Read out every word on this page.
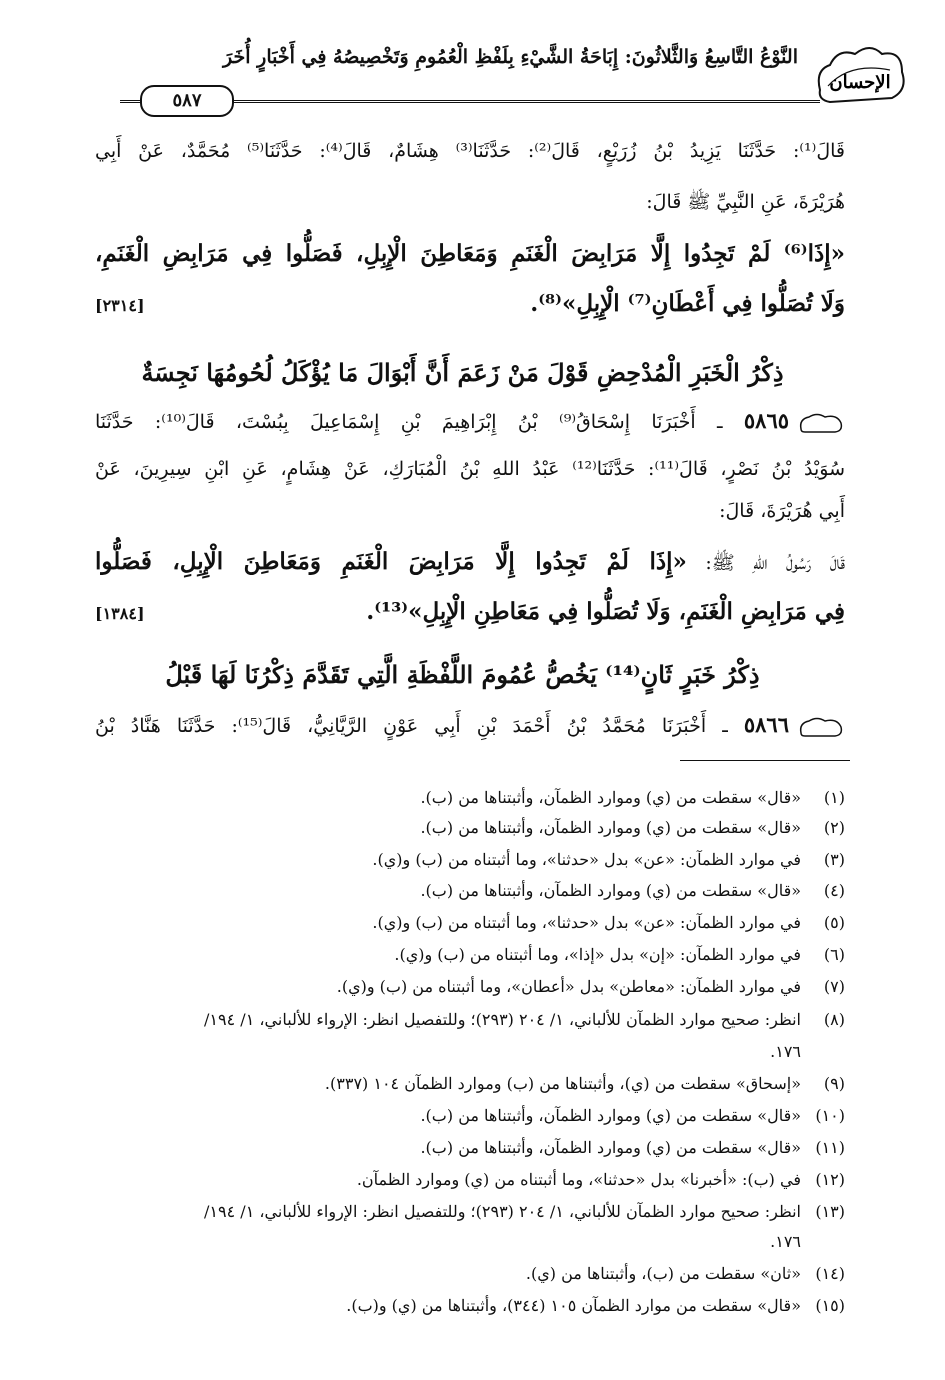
الإحسان
النَّوْعُ التَّاسِعُ وَالثَّلاثُونَ: إِبَاحَةُ الشَّيْءِ بِلَفْظِ الْعُمُومِ وَتَخْصِيصُهُ فِي أَخْبَارٍ أُخَرَ
٥٨٧
قَالَ⁽¹⁾: حَدَّثَنَا يَزِيدُ بْنُ زُرَيْعٍ، قَالَ⁽²⁾: حَدَّثَنَا⁽³⁾ هِشَامٌ، قَالَ⁽⁴⁾: حَدَّثَنَا⁽⁵⁾ مُحَمَّدٌ، عَنْ أَبِي
هُرَيْرَةَ، عَنِ النَّبِيِّ ﷺ قَالَ:
«إِذَا⁽⁶⁾ لَمْ تَجِدُوا إِلَّا مَرَابِضَ الْغَنَمِ وَمَعَاطِنَ الْإِبِلِ، فَصَلُّوا فِي مَرَابِضِ الْغَنَمِ،
وَلَا تُصَلُّوا فِي أَعْطَانِ⁽⁷⁾ الْإِبِلِ»⁽⁸⁾.
[٢٣١٤]
ذِكْرُ الْخَبَرِ الْمُدْحِضِ قَوْلَ مَنْ زَعَمَ أَنَّ أَبْوَالَ مَا يُؤْكَلُ لُحُومُهَا نَجِسَةٌ
٥٨٦٥ ـ أَخْبَرَنَا إِسْحَاقُ⁽⁹⁾ بْنُ إِبْرَاهِيمَ بْنِ إِسْمَاعِيلَ بِبُسْتَ، قَالَ⁽¹⁰⁾: حَدَّثَنَا
سُوَيْدُ بْنُ نَصْرٍ، قَالَ⁽¹¹⁾: حَدَّثَنَا⁽¹²⁾ عَبْدُ اللهِ بْنُ الْمُبَارَكِ، عَنْ هِشَامٍ، عَنِ ابْنِ سِيرِينَ، عَنْ
أَبِي هُرَيْرَةَ، قَالَ:
قَالَ رَسُولُ اللهِ ﷺ: «إِذَا لَمْ تَجِدُوا إِلَّا مَرَابِضَ الْغَنَمِ وَمَعَاطِنَ الْإِبِلِ، فَصَلُّوا
فِي مَرَابِضِ الْغَنَمِ، وَلَا تُصَلُّوا فِي مَعَاطِنِ الْإِبِلِ»⁽¹³⁾.
[١٣٨٤]
ذِكْرُ خَبَرٍ ثَانٍ⁽¹⁴⁾ يَخُصُّ عُمُومَ اللَّفْظَةِ الَّتِي تَقَدَّمَ ذِكْرُنَا لَهَا قَبْلُ
٥٨٦٦ ـ أَخْبَرَنَا مُحَمَّدُ بْنُ أَحْمَدَ بْنِ أَبِي عَوْنٍ الرَّيَّانِيُّ، قَالَ⁽¹⁵⁾: حَدَّثَنَا هَنَّادُ بْنُ
(١)«قال» سقطت من (ي) وموارد الظمآن، وأثبتناها من (ب).
(٢)«قال» سقطت من (ي) وموارد الظمآن، وأثبتناها من (ب).
(٣)في موارد الظمآن: «عن» بدل «حدثنا»، وما أثبتناه من (ب) و(ي).
(٤)«قال» سقطت من (ي) وموارد الظمآن، وأثبتناها من (ب).
(٥)في موارد الظمآن: «عن» بدل «حدثنا»، وما أثبتناه من (ب) و(ي).
(٦)في موارد الظمآن: «إن» بدل «إذا»، وما أثبتناه من (ب) و(ي).
(٧)في موارد الظمآن: «معاطن» بدل «أعطان»، وما أثبتناه من (ب) و(ي).
(٨)انظر: صحيح موارد الظمآن للألباني، ١/ ٢٠٤ (٢٩٣)؛ وللتفصيل انظر: الإرواء للألباني، ١/ ١٩٤/
١٧٦.
(٩)«إسحاق» سقطت من (ي)، وأثبتناها من (ب) وموارد الظمآن ١٠٤ (٣٣٧).
(١٠)«قال» سقطت من (ي) وموارد الظمآن، وأثبتناها من (ب).
(١١)«قال» سقطت من (ي) وموارد الظمآن، وأثبتناها من (ب).
(١٢)في (ب): «أخبرنا» بدل «حدثنا»، وما أثبتناه من (ي) وموارد الظمآن.
(١٣)انظر: صحيح موارد الظمآن للألباني، ١/ ٢٠٤ (٢٩٣)؛ وللتفصيل انظر: الإرواء للألباني، ١/ ١٩٤/
١٧٦.
(١٤)«ثان» سقطت من (ب)، وأثبتناها من (ي).
(١٥)«قال» سقطت من موارد الظمآن ١٠٥ (٣٤٤)، وأثبتناها من (ي) و(ب).
